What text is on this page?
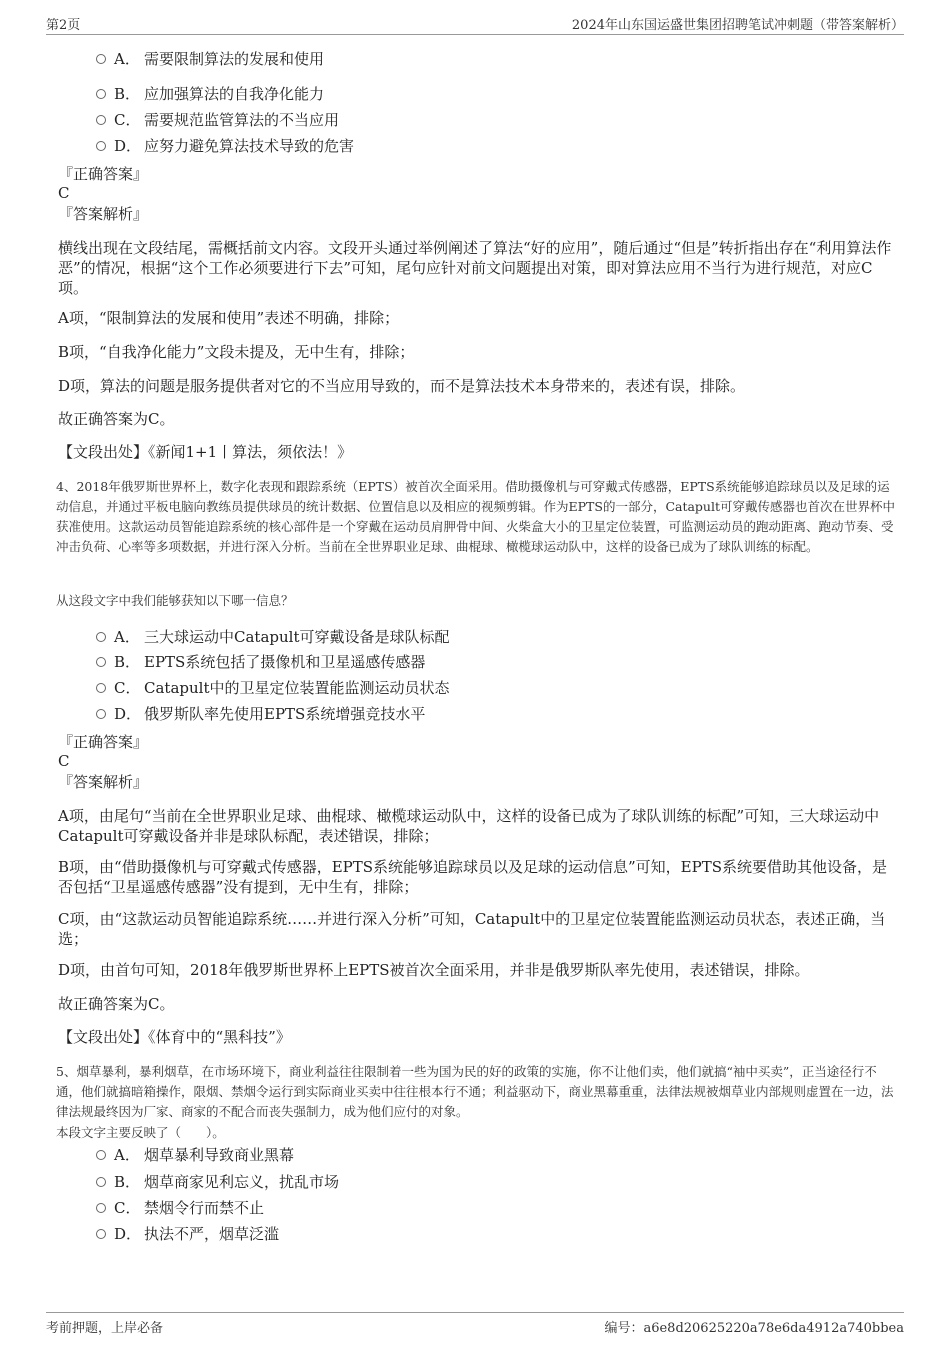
第2页	2024年山东国运盛世集团招聘笔试冲刺题（带答案解析）
A． 需要限制算法的发展和使用
B． 应加强算法的自我净化能力
C． 需要规范监管算法的不当应用
D． 应努力避免算法技术导致的危害
『正确答案』
C
『答案解析』
横线出现在文段结尾，需概括前文内容。文段开头通过举例阐述了算法“好的应用”，随后通过“但是”转折指出存在“利用算法作恶”的情况，根据“这个工作必须要进行下去”可知，尾句应针对前文问题提出对策，即对算法应用不当行为进行规范，对应C项。
A项，“限制算法的发展和使用”表述不明确，排除；
B项，“自我净化能力”文段未提及，无中生有，排除；
D项，算法的问题是服务提供者对它的不当应用导致的，而不是算法技术本身带来的，表述有误，排除。
故正确答案为C。
【文段出处】《新闻1+1丨算法，须依法！》
4、2018年俄罗斯世界杯上，数字化表现和跟踪系统（EPTS）被首次全面采用。借助摄像机与可穿戴式传感器，EPTS系统能够追踪球员以及足球的运动信息，并通过平板电脑向教练员提供球员的统计数据、位置信息以及相应的视频剪辑。作为EPTS的一部分，Catapult可穿戴传感器也首次在世界杯中获准使用。这款运动员智能追踪系统的核心部件是一个穿戴在运动员肩胛骨中间、火柴盒大小的卫星定位装置，可监测运动员的跑动距离、跑动节奏、受冲击负荷、心率等多项数据，并进行深入分析。当前在全世界职业足球、曲棍球、橄榄球运动队中，这样的设备已成为了球队训练的标配。
从这段文字中我们能够获知以下哪一信息？
A． 三大球运动中Catapult可穿戴设备是球队标配
B． EPTS系统包括了摄像机和卫星遥感传感器
C． Catapult中的卫星定位装置能监测运动员状态
D． 俄罗斯队率先使用EPTS系统增强竞技水平
『正确答案』
C
『答案解析』
A项，由尾句“当前在全世界职业足球、曲棍球、橄榄球运动队中，这样的设备已成为了球队训练的标配”可知，三大球运动中Catapult可穿戴设备并非是球队标配，表述错误，排除；
B项，由“借助摄像机与可穿戴式传感器，EPTS系统能够追踪球员以及足球的运动信息”可知，EPTS系统要借助其他设备，是否包括“卫星遥感传感器”没有提到，无中生有，排除；
C项，由“这款运动员智能追踪系统……并进行深入分析”可知，Catapult中的卫星定位装置能监测运动员状态，表述正确，当选；
D项，由首句可知，2018年俄罗斯世界杯上EPTS被首次全面采用，并非是俄罗斯队率先使用，表述错误，排除。
故正确答案为C。
【文段出处】《体育中的“黑科技”》
5、烟草暴利，暴利烟草，在市场环境下，商业利益往往限制着一些为国为民的好的政策的实施，你不让他们卖，他们就搞“袖中买卖”，正当途径行不通，他们就搞暗箱操作，限烟、禁烟令运行到实际商业买卖中往往根本行不通；利益驱动下，商业黑幕重重，法律法规被烟草业内部规则虚置在一边，法律法规最终因为厂家、商家的不配合而丧失强制力，成为他们应付的对象。
本段文字主要反映了（　　）。
A． 烟草暴利导致商业黑幕
B． 烟草商家见利忘义，扰乱市场
C． 禁烟令行而禁不止
D． 执法不严，烟草泛滥
考前押题，上岸必备	编号：a6e8d20625220a78e6da4912a740bbea
